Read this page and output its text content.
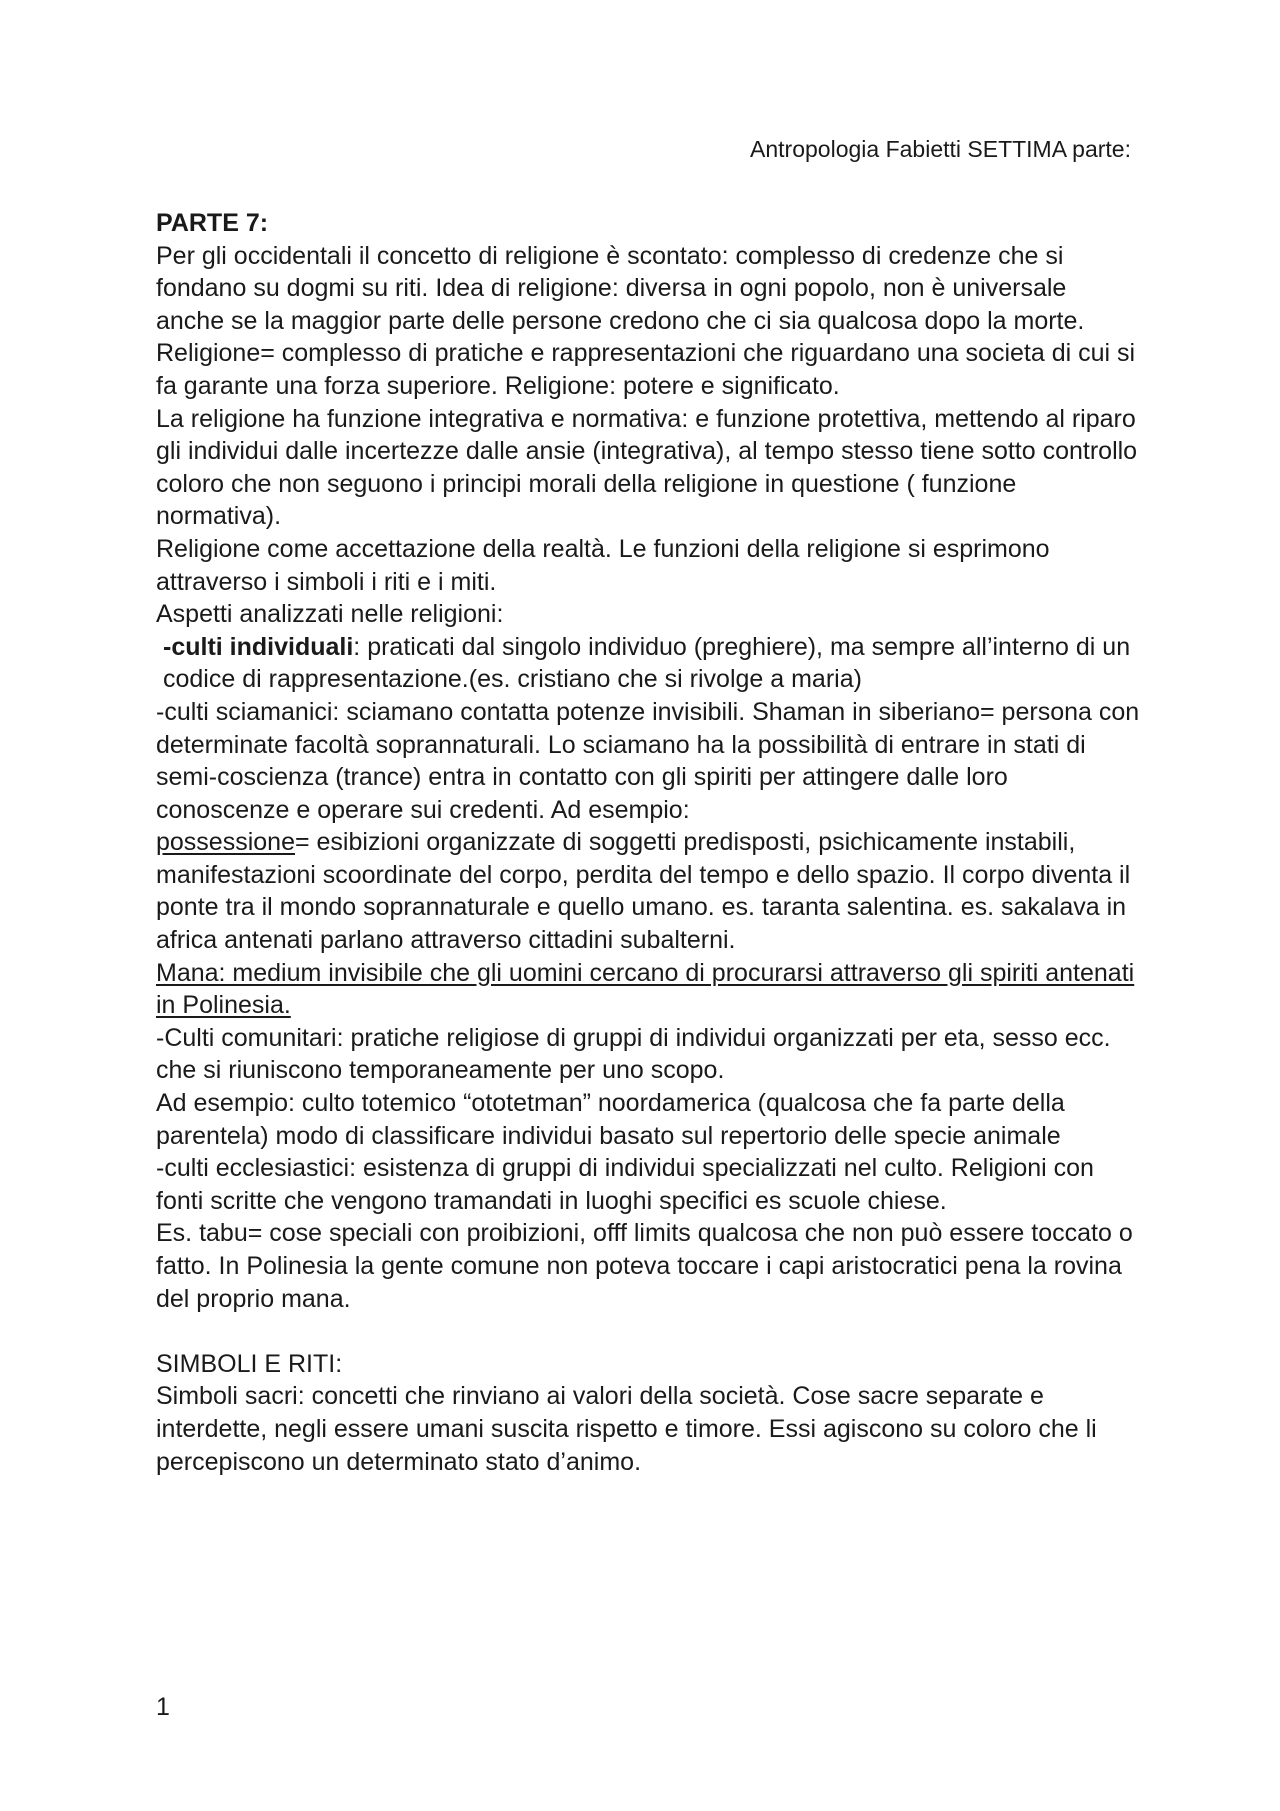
Antropologia Fabietti SETTIMA parte:

PARTE 7:

Per gli occidentali il concetto di religione è scontato: complesso di credenze che si fondano su dogmi su riti. Idea di religione: diversa in ogni popolo, non è universale anche se la maggior parte delle persone credono che ci sia qualcosa dopo la morte. Religione= complesso di pratiche e rappresentazioni che riguardano una societa di cui si fa garante una forza superiore. Religione: potere e significato.

La religione ha funzione integrativa e normativa: e funzione protettiva, mettendo al riparo gli individui dalle incertezze dalle ansie (integrativa), al tempo stesso tiene sotto controllo coloro che non seguono i principi morali della religione in questione ( funzione normativa).

Religione come accettazione della realtà. Le funzioni della religione si esprimono attraverso i simboli i riti e i miti.

Aspetti analizzati nelle religioni:

-culti individuali: praticati dal singolo individuo (preghiere), ma sempre all’interno di un codice di rappresentazione.(es. cristiano che si rivolge a maria)

-culti sciamanici: sciamano contatta potenze invisibili. Shaman in siberiano= persona con determinate facoltà soprannaturali. Lo sciamano ha la possibilità di entrare in stati di semi-coscienza (trance) entra in contatto con gli spiriti per attingere dalle loro conoscenze e operare sui credenti. Ad esempio:

possessione= esibizioni organizzate di soggetti predisposti, psichicamente instabili, manifestazioni scoordinate del corpo, perdita del tempo e dello spazio. Il corpo diventa il ponte tra il mondo soprannaturale e quello umano. es. taranta salentina. es. sakalava in africa antenati parlano attraverso cittadini subalterni.

Mana: medium invisibile che gli uomini cercano di procurarsi attraverso gli spiriti antenati in Polinesia.

-Culti comunitari: pratiche religiose di gruppi di individui organizzati per eta, sesso ecc. che si riuniscono temporaneamente per uno scopo.

Ad esempio: culto totemico “ototetman” noordamerica (qualcosa che fa parte della parentela) modo di classificare individui basato sul repertorio delle specie animale

-culti ecclesiastici: esistenza di gruppi di individui specializzati nel culto. Religioni con fonti scritte che vengono tramandati in luoghi specifici es scuole chiese.

Es. tabu= cose speciali con proibizioni, offf limits qualcosa che non può essere toccato o fatto. In Polinesia la gente comune non poteva toccare i capi aristocratici pena la rovina del proprio mana.

SIMBOLI E RITI:

Simboli sacri: concetti che rinviano ai valori della società. Cose sacre separate e interdette, negli essere umani suscita rispetto e timore. Essi agiscono su coloro che li percepiscono un determinato stato d’animo.

1
